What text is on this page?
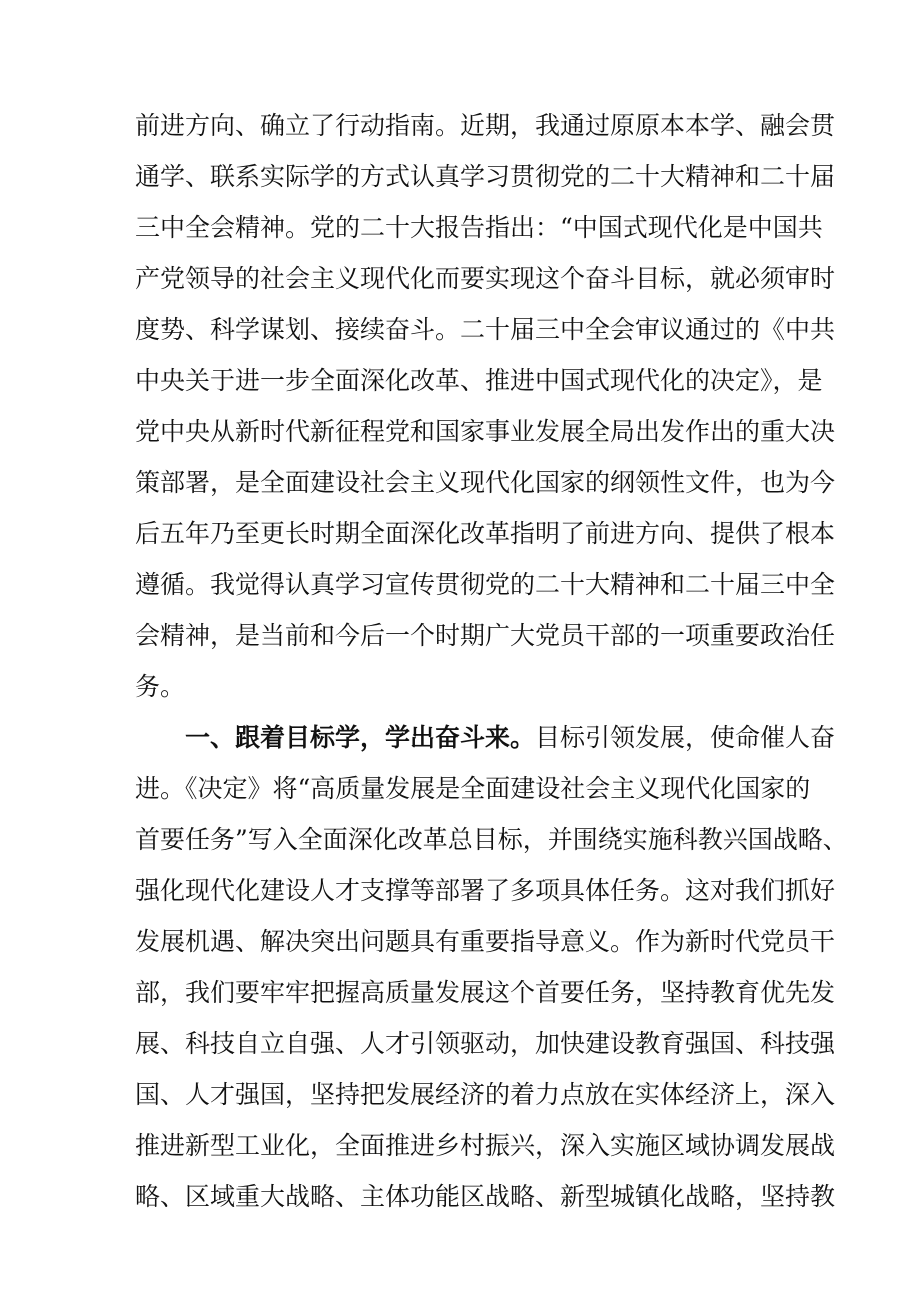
前进方向、确立了行动指南。近期，我通过原原本本学、融会贯
通学、联系实际学的方式认真学习贯彻党的二十大精神和二十届
三中全会精神。党的二十大报告指出：“中国式现代化是中国共
产党领导的社会主义现代化而要实现这个奋斗目标，就必须审时
度势、科学谋划、接续奋斗。二十届三中全会审议通过的《中共
中央关于进一步全面深化改革、推进中国式现代化的决定》，是
党中央从新时代新征程党和国家事业发展全局出发作出的重大决
策部署，是全面建设社会主义现代化国家的纲领性文件，也为今
后五年乃至更长时期全面深化改革指明了前进方向、提供了根本
遵循。我觉得认真学习宣传贯彻党的二十大精神和二十届三中全
会精神，是当前和今后一个时期广大党员干部的一项重要政治任
务。
一、跟着目标学，学出奋斗来。目标引领发展，使命催人奋
进。《决定》将“高质量发展是全面建设社会主义现代化国家的
首要任务”写入全面深化改革总目标，并围绕实施科教兴国战略、
强化现代化建设人才支撑等部署了多项具体任务。这对我们抓好
发展机遇、解决突出问题具有重要指导意义。作为新时代党员干
部，我们要牢牢把握高质量发展这个首要任务，坚持教育优先发
展、科技自立自强、人才引领驱动，加快建设教育强国、科技强
国、人才强国，坚持把发展经济的着力点放在实体经济上，深入
推进新型工业化，全面推进乡村振兴，深入实施区域协调发展战
略、区域重大战略、主体功能区战略、新型城镇化战略，坚持教
